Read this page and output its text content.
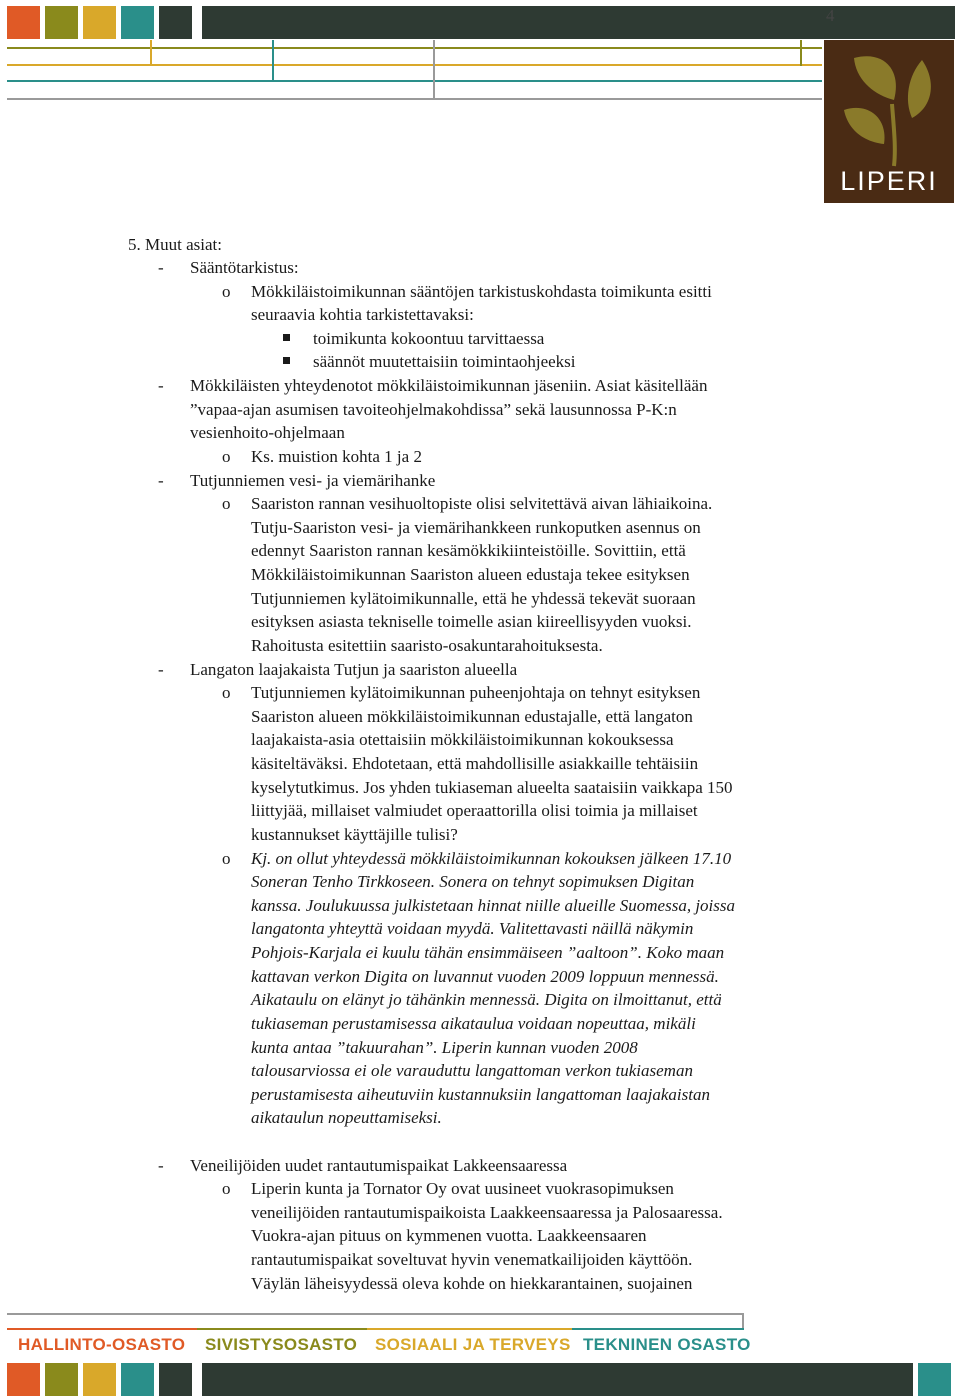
4
LIPERI
5. Muut asiat:
- Sääntötarkistus:
o Mökkiläistoimikunnan sääntöjen tarkistuskohdasta toimikunta esitti
seuraavia kohtia tarkistettavaksi:
toimikunta kokoontuu tarvittaessa
säännöt muutettaisiin toimintaohjeeksi
- Mökkiläisten yhteydenotot mökkiläistoimikunnan jäseniin. Asiat käsitellään
”vapaa-ajan asumisen tavoiteohjelmakohdissa” sekä lausunnossa P-K:n
vesienhoito-ohjelmaan
o Ks. muistion kohta 1 ja 2
- Tutjunniemen vesi- ja viemärihanke
o Saariston rannan vesihuoltopiste olisi selvitettävä aivan lähiaikoina.
Tutju-Saariston vesi- ja viemärihankkeen runkoputken asennus on
edennyt Saariston rannan kesämökkikiinteistöille. Sovittiin, että
Mökkiläistoimikunnan Saariston alueen edustaja tekee esityksen
Tutjunniemen kylätoimikunnalle, että he yhdessä tekevät suoraan
esityksen asiasta tekniselle toimelle asian kiireellisyyden vuoksi.
Rahoitusta esitettiin saaristo-osakuntarahoituksesta.
- Langaton laajakaista Tutjun ja saariston alueella
o Tutjunniemen kylätoimikunnan puheenjohtaja on tehnyt esityksen
Saariston alueen mökkiläistoimikunnan edustajalle, että langaton
laajakaista-asia otettaisiin mökkiläistoimikunnan kokouksessa
käsiteltäväksi. Ehdotetaan, että mahdollisille asiakkaille tehtäisiin
kyselytutkimus. Jos yhden tukiaseman alueelta saataisiin vaikkapa 150
liittyjää, millaiset valmiudet operaattorilla olisi toimia ja millaiset
kustannukset käyttäjille tulisi?
o Kj. on ollut yhteydessä mökkiläistoimikunnan kokouksen jälkeen 17.10
Soneran Tenho Tirkkoseen. Sonera on tehnyt sopimuksen Digitan
kanssa. Joulukuussa julkistetaan hinnat niille alueille Suomessa, joissa
langatonta yhteyttä voidaan myydä. Valitettavasti näillä näkymin
Pohjois-Karjala ei kuulu tähän ensimmäiseen ”aaltoon”. Koko maan
kattavan verkon Digita on luvannut vuoden 2009 loppuun mennessä.
Aikataulu on elänyt jo tähänkin mennessä. Digita on ilmoittanut, että
tukiaseman perustamisessa aikataulua voidaan nopeuttaa, mikäli
kunta antaa ”takuurahan”. Liperin kunnan vuoden 2008
talousarviossa ei ole varauduttu langattoman verkon tukiaseman
perustamisesta aiheutuviin kustannuksiin langattoman laajakaistan
aikataulun nopeuttamiseksi.
- Veneilijöiden uudet rantautumispaikat Lakkeensaaressa
o Liperin kunta ja Tornator Oy ovat uusineet vuokrasopimuksen
veneilijöiden rantautumispaikoista Laakkeensaaressa ja Palosaaressa.
Vuokra-ajan pituus on kymmenen vuotta. Laakkeensaaren
rantautumispaikat soveltuvat hyvin venematkailijoiden käyttöön.
Väylän läheisyydessä oleva kohde on hiekkarantainen, suojainen
HALLINTO-OSASTO SIVISTYSOSASTO SOSIAALI JA TERVEYS TEKNINEN OSASTO
